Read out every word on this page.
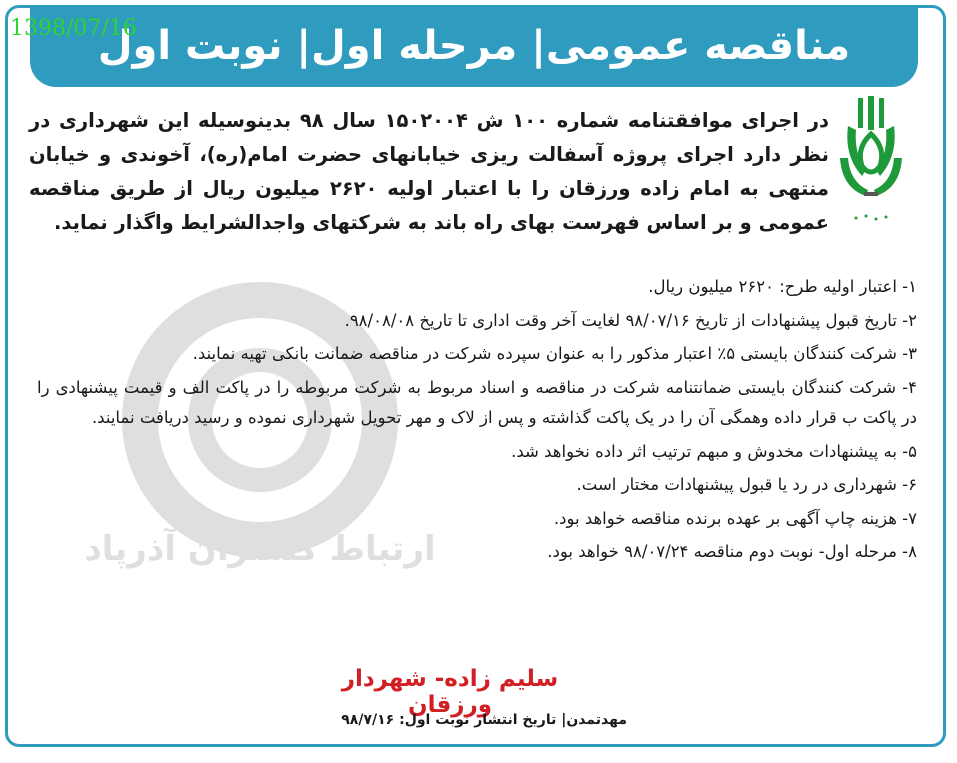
مناقصه عمومی| مرحله اول| نوبت اول
1398/07/16
ارتباط گستران آذرپاد
در اجرای موافقتنامه شماره ۱۰۰ ش ۱۵۰۲۰۰۴ سال ۹۸ بدینوسیله این شهرداری در نظر دارد اجرای پروژه آسفالت ریزی خیابانهای حضرت امام(ره)، آخوندی و خیابان منتهی به امام زاده ورزقان را با اعتبار اولیه ۲۶۲۰ میلیون ریال از طریق مناقصه عمومی و بر اساس فهرست بهای راه باند به شرکتهای واجدالشرایط واگذار نماید.
۱- اعتبار اولیه طرح: ۲۶۲۰ میلیون ریال.
۲- تاریخ قبول پیشنهادات از تاریخ ۹۸/۰۷/۱۶ لغایت آخر وقت اداری تا تاریخ ۹۸/۰۸/۰۸.
۳- شرکت کنندگان بایستی ۵٪ اعتبار مذکور را به عنوان سپرده شرکت در مناقصه ضمانت بانکی تهیه نمایند.
۴- شرکت کنندگان بایستی ضمانتنامه شرکت در مناقصه و اسناد مربوط به شرکت مربوطه را در پاکت الف و قیمت پیشنهادی را در پاکت ب قرار داده وهمگی آن را در یک پاکت گذاشته و پس از لاک و مهر تحویل شهرداری نموده و رسید دریافت نمایند.
۵- به پیشنهادات مخدوش و مبهم ترتیب اثر داده نخواهد شد.
۶- شهرداری در رد یا قبول پیشنهادات مختار است.
۷- هزینه چاپ آگهی بر عهده برنده مناقصه خواهد بود.
۸- مرحله اول- نوبت دوم مناقصه ۹۸/۰۷/۲۴ خواهد بود.
سلیم زاده- شهردار ورزقان
مهدتمدن| تاریخ انتشار نوبت اول: ۹۸/۷/۱۶
